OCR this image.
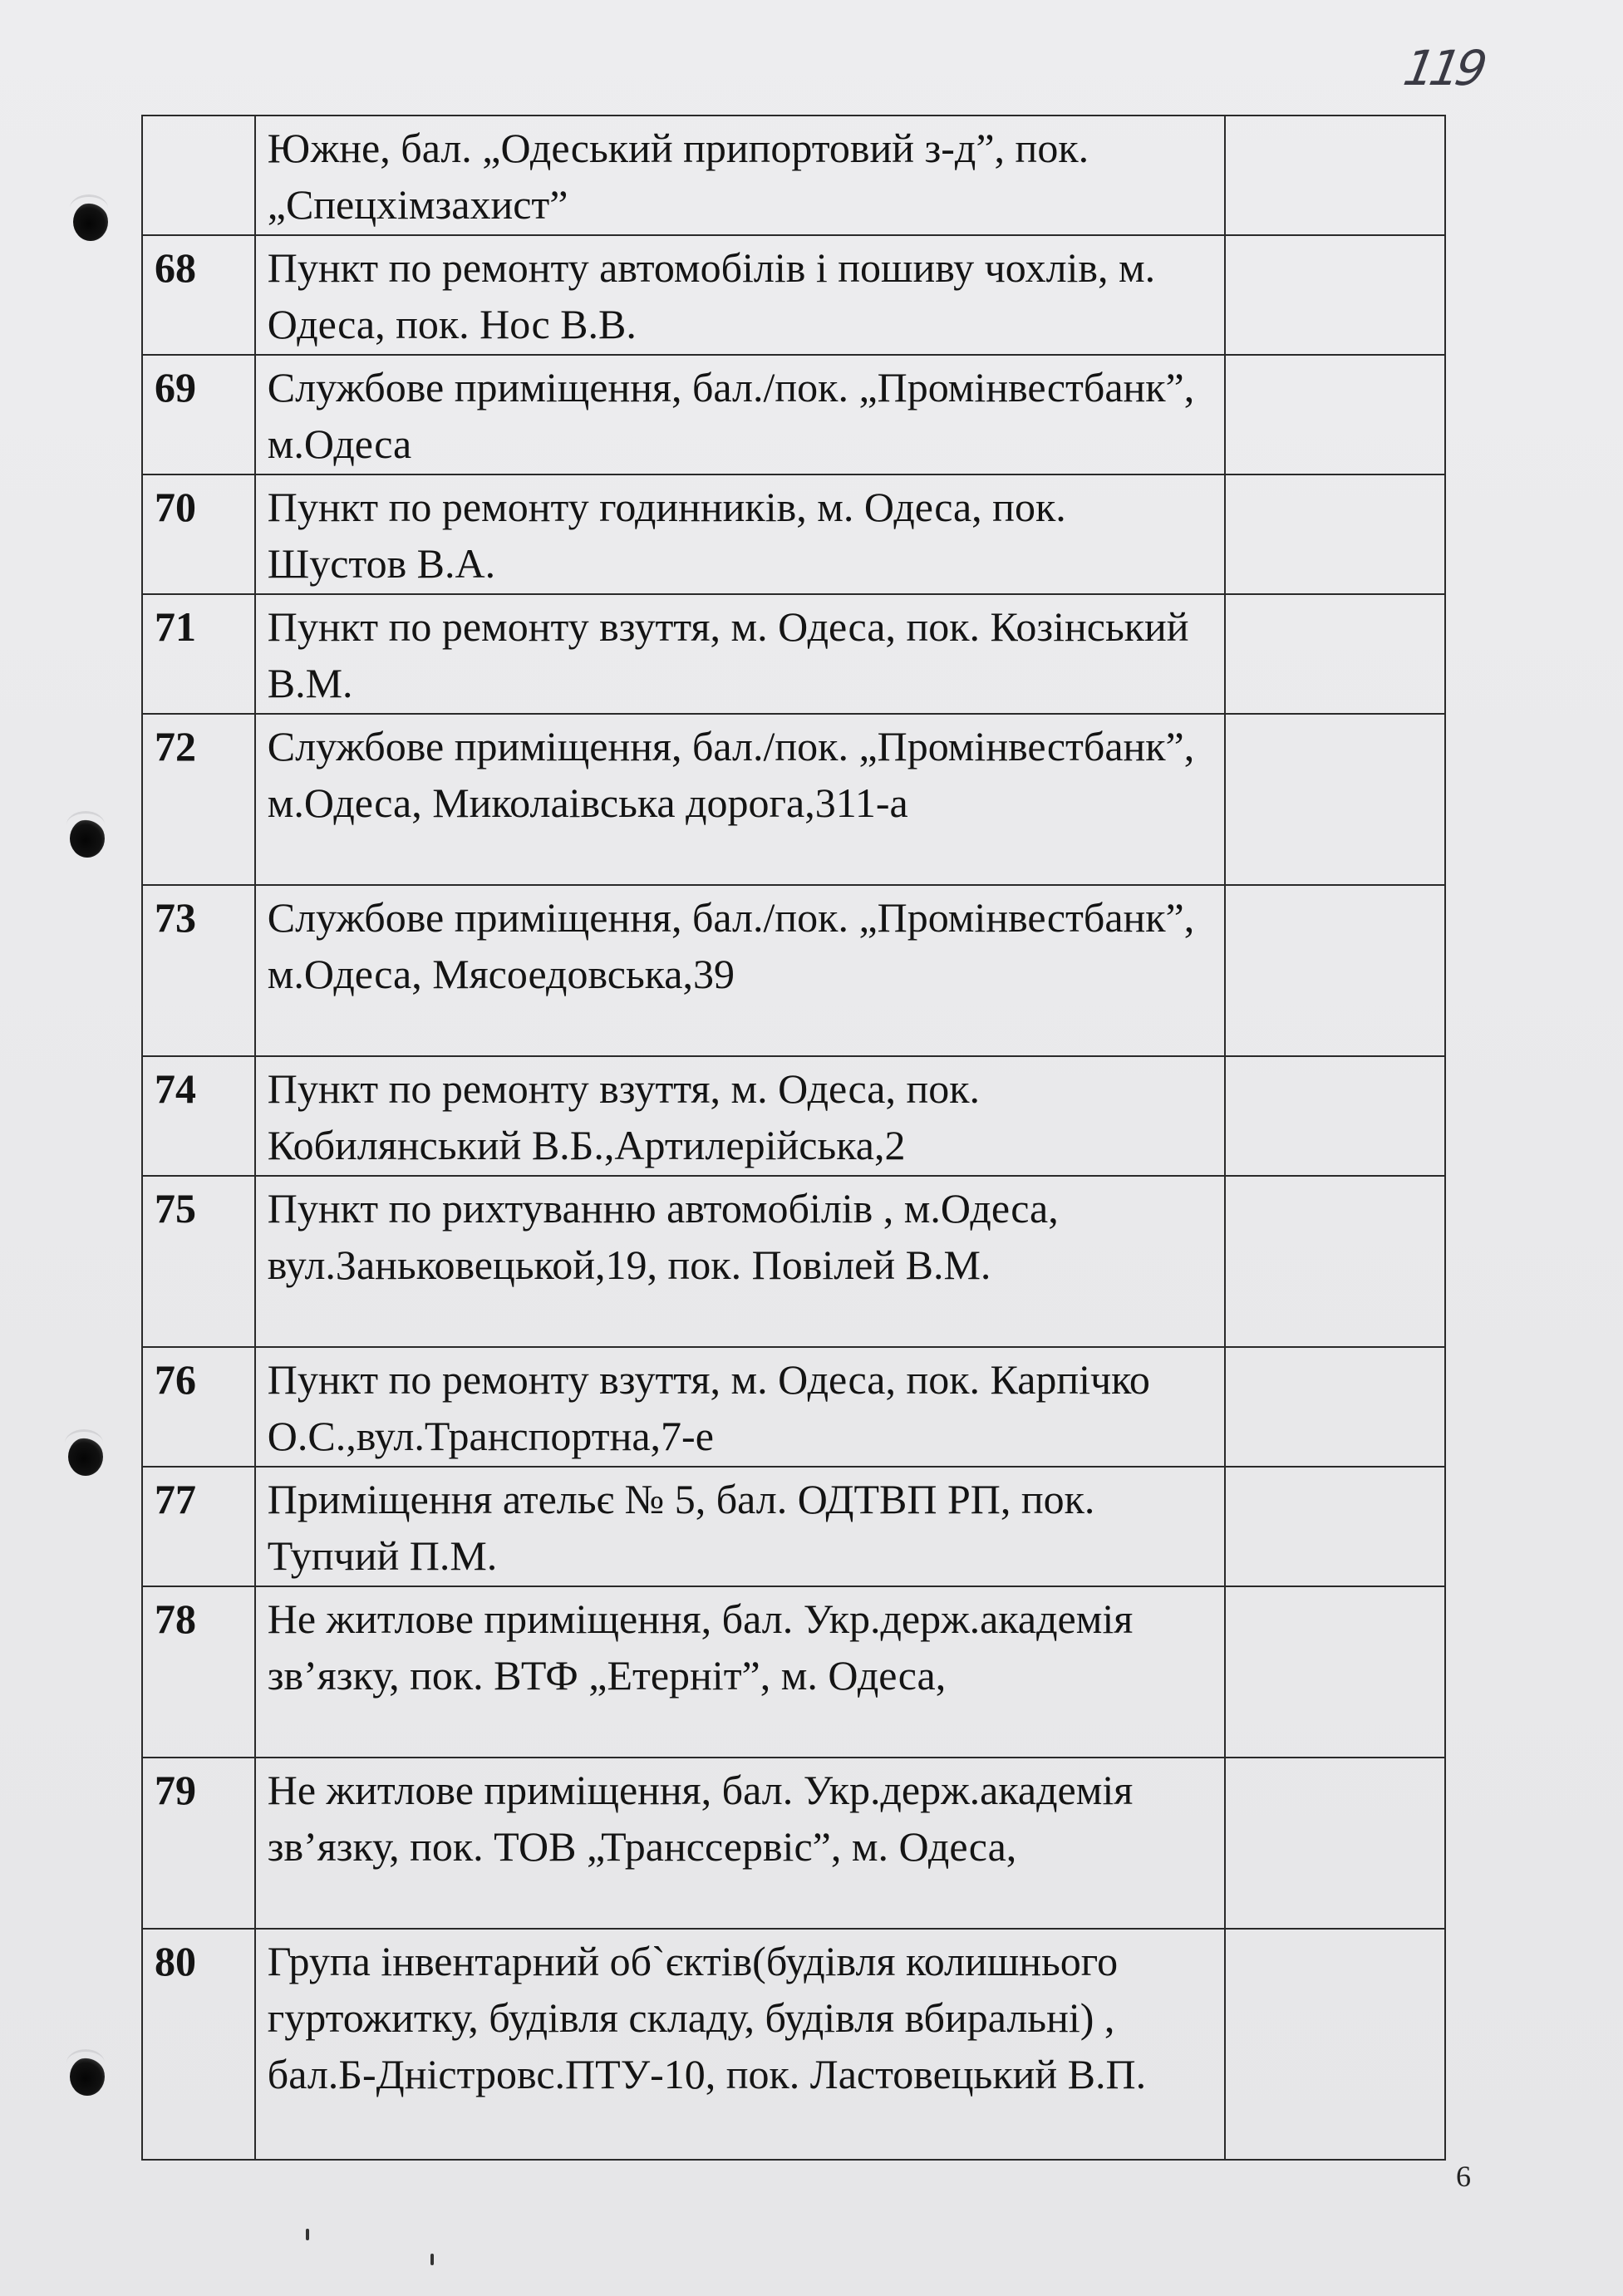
119
	Южне, бал. „Одеський припортовий з-д”, пок. „Спецхімзахист”	
68	Пункт по ремонту автомобілів і пошиву чохлів, м. Одеса, пок. Нос В.В.	
69	Службове приміщення, бал./пок. „Промінвестбанк”, м.Одеса	
70	Пункт по ремонту годинників, м. Одеса, пок. Шустов В.А.	
71	Пункт по ремонту взуття, м. Одеса, пок. Козінський В.М.	
72	Службове приміщення, бал./пок. „Промінвестбанк”, м.Одеса, Миколаівська дорога,311-а	
73	Службове приміщення, бал./пок. „Промінвестбанк”, м.Одеса, Мясоедовська,39	
74	Пункт по ремонту взуття, м. Одеса, пок. Кобилянський В.Б.,Артилерійська,2	
75	Пункт по рихтуванню автомобілів , м.Одеса, вул.Заньковецькой,19, пок. Повілей В.М.	
76	Пункт по ремонту взуття, м. Одеса, пок. Карпічко О.С.,вул.Транспортна,7-е	
77	Приміщення ательє № 5, бал. ОДТВП РП, пок. Тупчий П.М.	
78	Не житлове приміщення, бал. Укр.держ.академія зв’язку, пок. ВТФ „Етерніт”, м. Одеса,	
79	Не житлове приміщення, бал. Укр.держ.академія зв’язку, пок. ТОВ „Транссервіс”, м. Одеса,	
80	Група інвентарний об`єктів(будівля колишнього гуртожитку, будівля складу, будівля вбиральні) , бал.Б-Дністровс.ПТУ-10, пок. Ластовецький В.П.	
6
